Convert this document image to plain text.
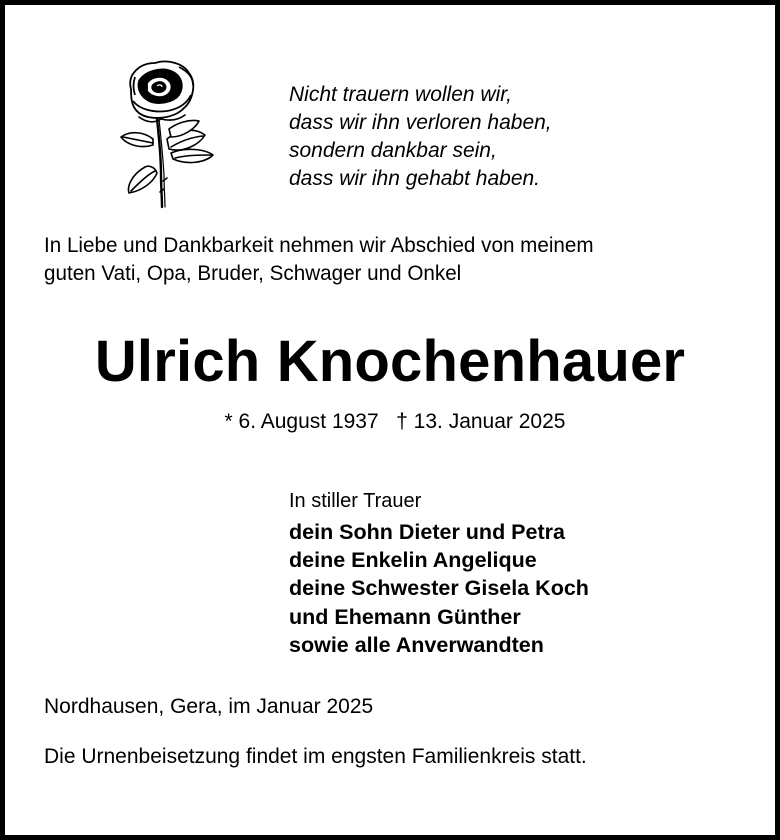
Nicht trauern wollen wir,
dass wir ihn verloren haben,
sondern dankbar sein,
dass wir ihn gehabt haben.
In Liebe und Dankbarkeit nehmen wir Abschied von meinem
guten Vati, Opa, Bruder, Schwager und Onkel
Ulrich Knochenhauer
* 6. August 1937   † 13. Januar 2025
In stiller Trauer
dein Sohn Dieter und Petra
deine Enkelin Angelique
deine Schwester Gisela Koch
und Ehemann Günther
sowie alle Anverwandten
Nordhausen, Gera, im Januar 2025
Die Urnenbeisetzung findet im engsten Familienkreis statt.
